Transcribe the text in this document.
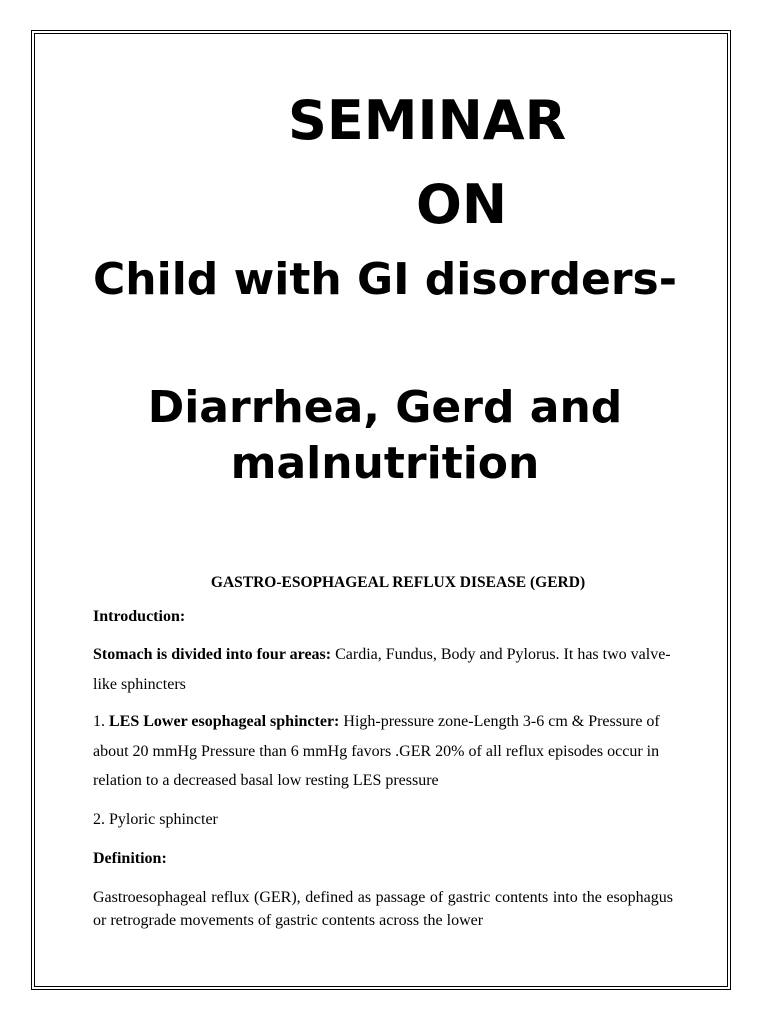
SEMINAR
ON
Child with GI disorders-
Diarrhea, Gerd and malnutrition
GASTRO-ESOPHAGEAL REFLUX DISEASE (GERD)

Introduction:

Stomach is divided into four areas: Cardia, Fundus, Body and Pylorus. It has two valve-like sphincters

1. LES Lower esophageal sphincter: High-pressure zone-Length 3-6 cm & Pressure of about 20 mmHg Pressure than 6 mmHg favors .GER 20% of all reflux episodes occur in relation to a decreased basal low resting LES pressure

2. Pyloric sphincter

Definition:

Gastroesophageal reflux (GER), defined as passage of gastric contents into the esophagus or retrograde movements of gastric contents across the lower
